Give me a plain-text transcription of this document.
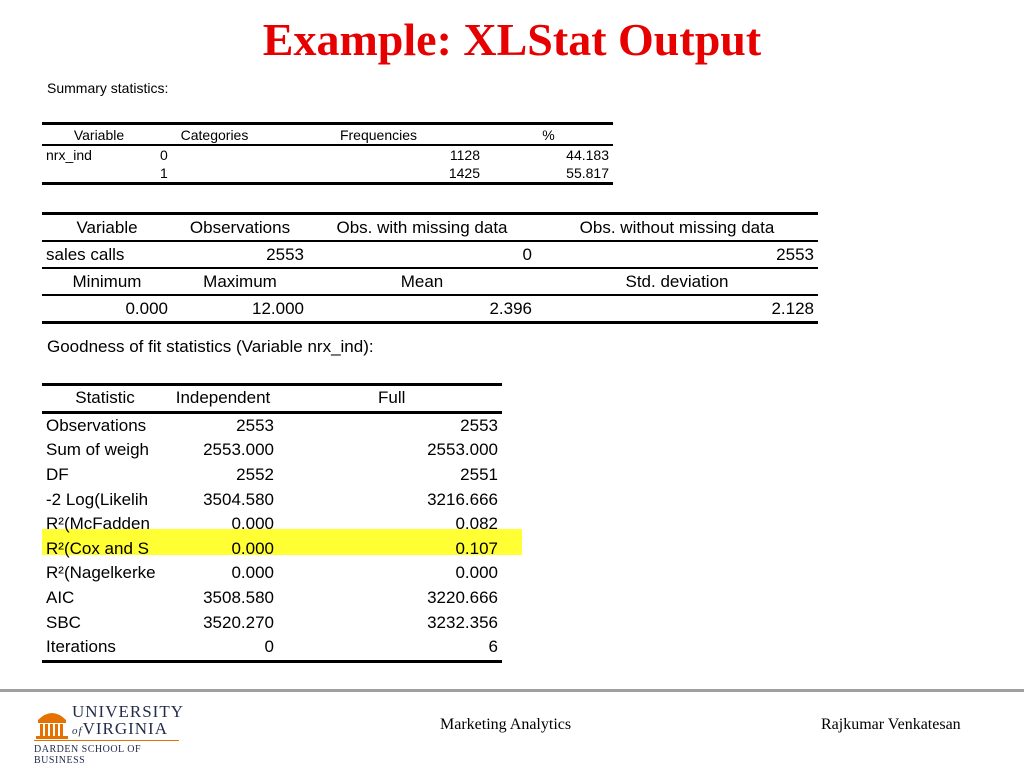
Example: XLStat Output
Summary statistics:
Variable	Categories	Frequencies	%
nrx_ind	0	1128	44.183
	1	1425	55.817
Variable	Observations	Obs. with missing data	Obs. without missing data
sales calls	2553	0	2553
Minimum	Maximum	Mean	Std. deviation
0.000	12.000	2.396	2.128
Goodness of fit statistics (Variable nrx_ind):
Statistic	Independent	Full
Observations	2553	2553
Sum of weigh	2553.000	2553.000
DF	2552	2551
-2 Log(Likelih	3504.580	3216.666
R²(McFadden	0.000	0.082
R²(Cox and S	0.000	0.107
R²(Nagelkerke	0.000	0.000
AIC	3508.580	3220.666
SBC	3520.270	3232.356
Iterations	0	6
UNIVERSITY
ofVIRGINIA
DARDEN SCHOOL OF BUSINESS
Marketing Analytics	Rajkumar Venkatesan
